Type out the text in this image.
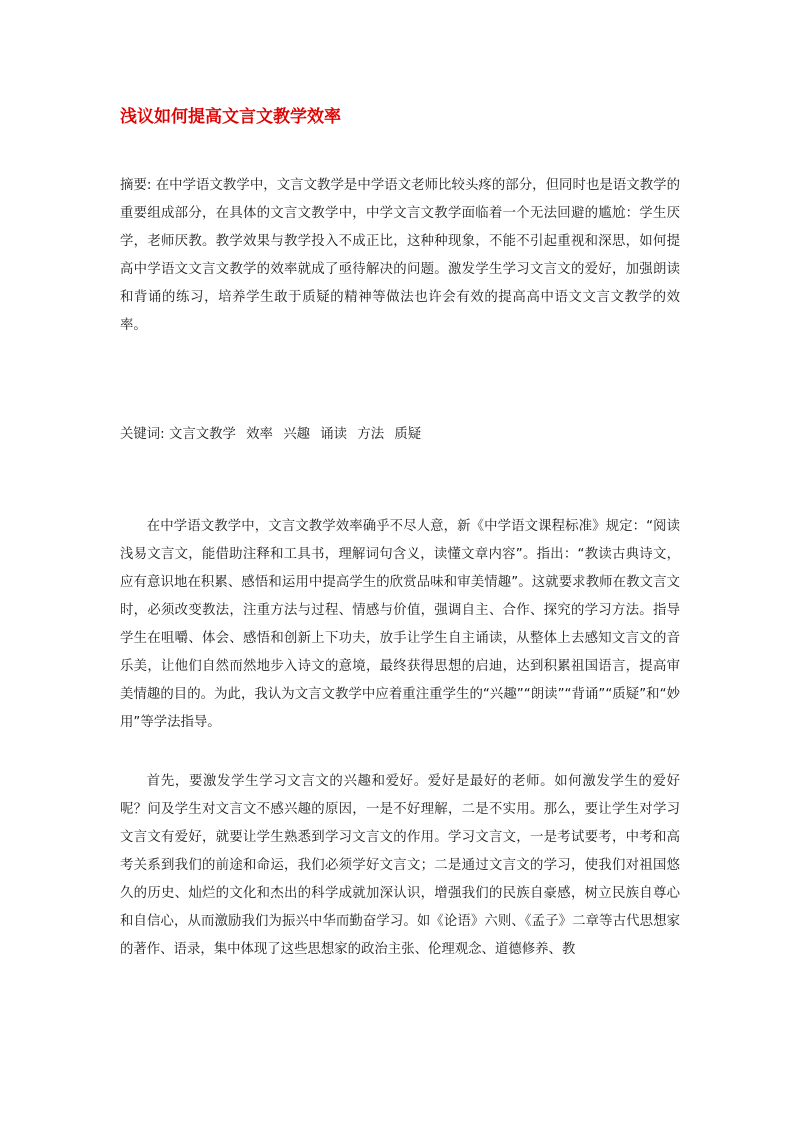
浅议如何提高文言文教学效率

摘要: 在中学语文教学中，文言文教学是中学语文老师比较头疼的部分，但同时也是语文教学的重要组成部分，在具体的文言文教学中，中学文言文教学面临着一个无法回避的尴尬：学生厌学，老师厌教。教学效果与教学投入不成正比，这种种现象，不能不引起重视和深思，如何提高中学语文文言文教学的效率就成了亟待解决的问题。激发学生学习文言文的爱好，加强朗读和背诵的练习，培养学生敢于质疑的精神等做法也许会有效的提高高中语文文言文教学的效率。

关键词: 文言文教学 效率 兴趣 诵读 方法 质疑

在中学语文教学中，文言文教学效率确乎不尽人意，新《中学语文课程标准》规定：“阅读浅易文言文，能借助注释和工具书，理解词句含义，读懂文章内容”。指出：“教读古典诗文，应有意识地在积累、感悟和运用中提高学生的欣赏品味和审美情趣”。这就要求教师在教文言文时，必须改变教法，注重方法与过程、情感与价值，强调自主、合作、探究的学习方法。指导学生在咀嚼、体会、感悟和创新上下功夫，放手让学生自主诵读，从整体上去感知文言文的音乐美，让他们自然而然地步入诗文的意境，最终获得思想的启迪，达到积累祖国语言，提高审美情趣的目的。为此，我认为文言文教学中应着重注重学生的“兴趣”“朗读”“背诵”“质疑”和“妙用”等学法指导。

首先，要激发学生学习文言文的兴趣和爱好。爱好是最好的老师。如何激发学生的爱好呢？问及学生对文言文不感兴趣的原因，一是不好理解，二是不实用。那么，要让学生对学习文言文有爱好，就要让学生熟悉到学习文言文的作用。学习文言文，一是考试要考，中考和高考关系到我们的前途和命运，我们必须学好文言文；二是通过文言文的学习，使我们对祖国悠久的历史、灿烂的文化和杰出的科学成就加深认识，增强我们的民族自豪感，树立民族自尊心和自信心，从而激励我们为振兴中华而勤奋学习。如《论语》六则、《孟子》二章等古代思想家的著作、语录，集中体现了这些思想家的政治主张、伦理观念、道德修养、教
